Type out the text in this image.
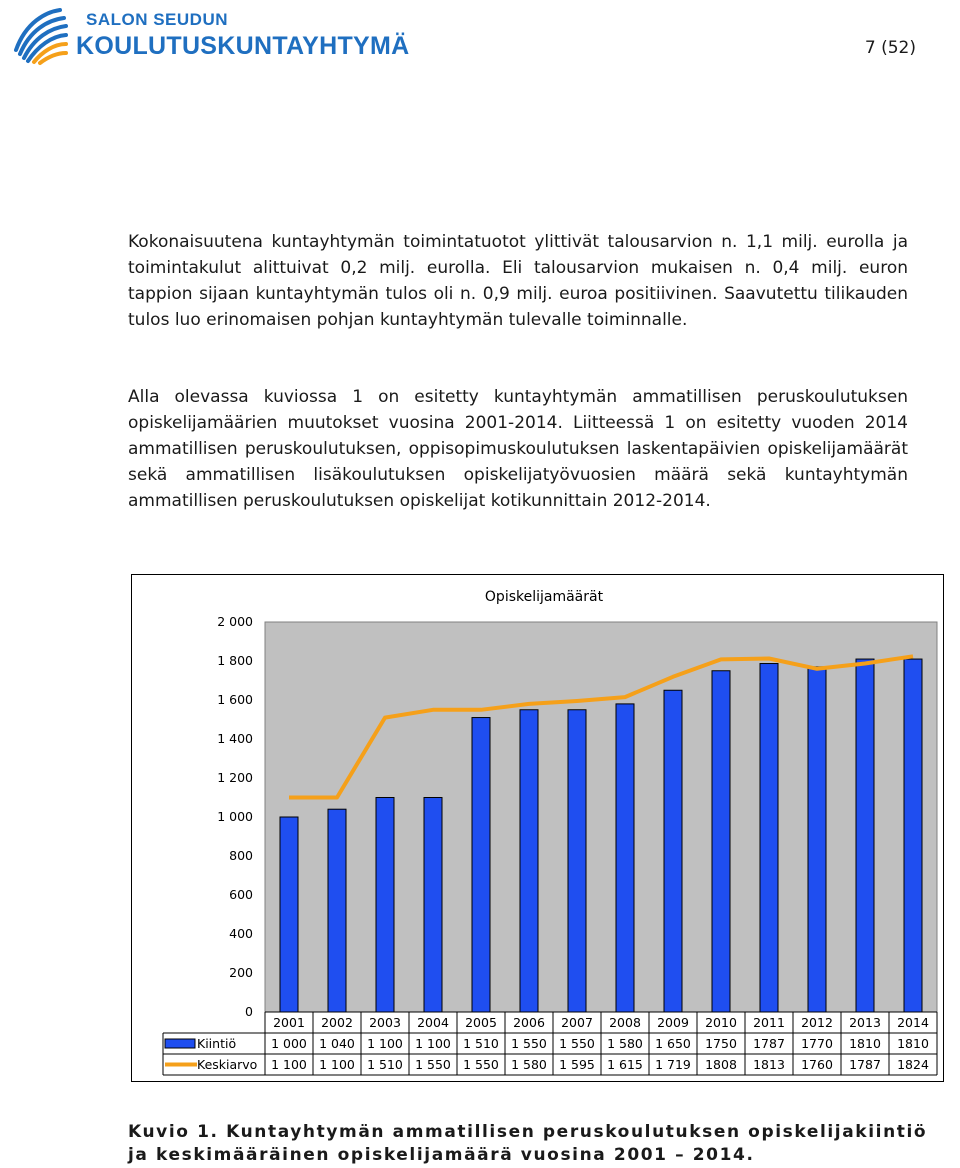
SALON SEUDUN
KOULUTUSKUNTAYHTYMÄ	7 (52)

Kokonaisuutena kuntayhtymän toimintatuotot ylittivät talousarvion n. 1,1 milj. eurolla ja toimintakulut alittuivat 0,2 milj. eurolla. Eli talousarvion mukaisen n. 0,4 milj. euron tappion sijaan kuntayhtymän tulos oli n. 0,9 milj. euroa positiivinen. Saavutettu tilikauden tulos luo erinomaisen pohjan kuntayhtymän tulevalle toiminnalle.

Alla olevassa kuviossa 1 on esitetty kuntayhtymän ammatillisen peruskoulutuksen opiskelijamäärien muutokset vuosina 2001-2014. Liitteessä 1 on esitetty vuoden 2014 ammatillisen peruskoulutuksen, oppisopimuskoulutuksen laskentapäivien opiskelijamäärät sekä ammatillisen lisäkoulutuksen opiskelijatyövuosien määrä sekä kuntayhtymän ammatillisen peruskoulutuksen opiskelijat kotikunnittain 2012-2014.

Opiskelijamäärät
0
200
400
600
800
1 000
1 200
1 400
1 600
1 800
2 000
2001 2002 2003 2004 2005 2006 2007 2008 2009 2010 2011 2012 2013 2014
Kiintiö
Keskiarvo
1 000 1 040 1 100 1 100 1 510 1 550 1 550 1 580 1 650 1750 1787 1770 1810 1810
1 100 1 100 1 510 1 550 1 550 1 580 1 595 1 615 1 719 1808 1813 1760 1787 1824

Kuvio 1. Kuntayhtymän ammatillisen peruskoulutuksen opiskelijakiintiö
ja keskimääräinen opiskelijamäärä vuosina 2001 – 2014.
